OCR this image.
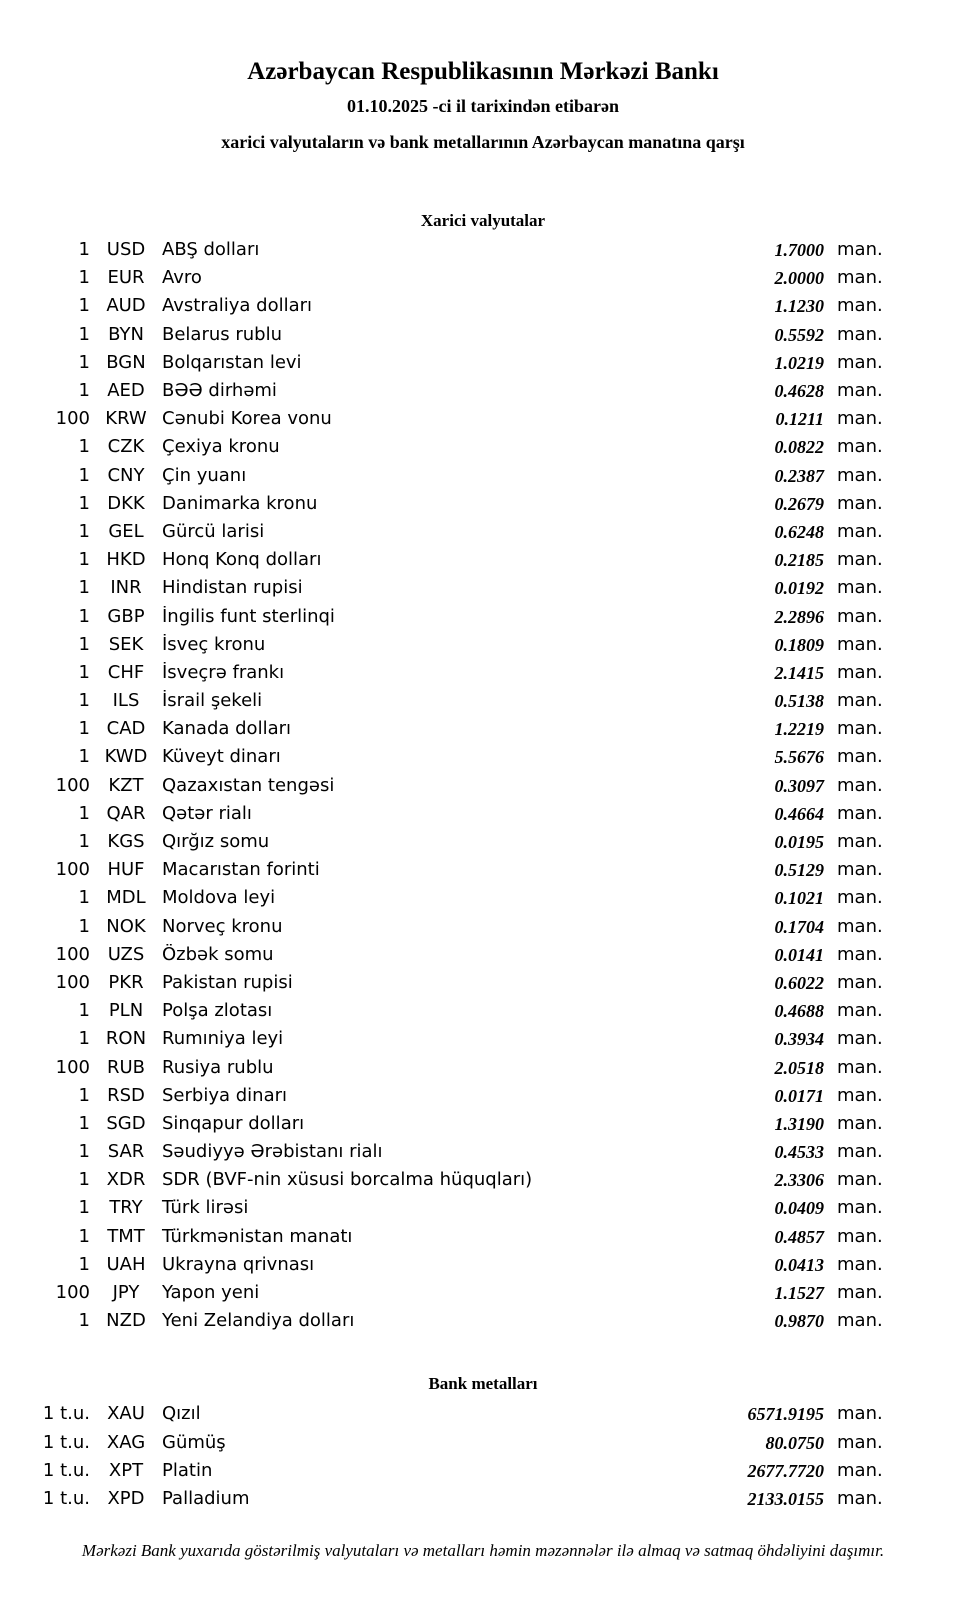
Azərbaycan Respublikasının Mərkəzi Bankı
01.10.2025 -ci il tarixindən etibarən
xarici valyutaların və bank metallarının Azərbaycan manatına qarşı
Xarici valyutalar
1 USD ABŞ dolları	1.7000 man.
1 EUR Avro	2.0000 man.
1 AUD Avstraliya dolları	1.1230 man.
1	BYN	Belarus rublu	0.5592 man.
1 BGN Bolqarıstan levi	1.0219 man.
1 AED BƏƏ dirhəmi	0.4628 man.
100 KRW Cənubi Korea vonu	0.1211 man.
1 CZK Çexiya kronu	0.0822 man.
1 CNY Çin yuanı	0.2387 man.
1 DKK Danimarka kronu	0.2679 man.
1	GEL	Gürcü larisi	0.6248 man.
1 HKD Honq Konq dolları	0.2185 man.
1	INR	Hindistan rupisi	0.0192 man.
1 GBP İngilis funt sterlinqi	2.2896 man.
1	SEK	İsveç kronu	0.1809 man.
1 CHF İsveçrə frankı	2.1415 man.
1	ILS	İsrail şekeli	0.5138 man.
1 CAD Kanada dolları	1.2219 man.
1 KWD Küveyt dinarı	5.5676 man.
100	KZT	Qazaxıstan tengəsi	0.3097 man.
1 QAR Qətər rialı	0.4664 man.
1 KGS Qırğız somu	0.0195 man.
100 HUF Macarıstan forinti	0.5129 man.
1 MDL Moldova leyi	0.1021 man.
1 NOK Norveç kronu	0.1704 man.
100 UZS Özbək somu	0.0141 man.
100	PKR	Pakistan rupisi	0.6022 man.
1	PLN	Polşa zlotası	0.4688 man.
1 RON Rumıniya leyi	0.3934 man.
100 RUB Rusiya rublu	2.0518 man.
1 RSD Serbiya dinarı	0.0171 man.
1 SGD Sinqapur dolları	1.3190 man.
1 SAR Səudiyyə Ərəbistanı rialı	0.4533 man.
1 XDR SDR (BVF-nin xüsusi borcalma hüquqları)	2.3306 man.
1	TRY	Türk lirəsi	0.0409 man.
1 TMT Türkmənistan manatı	0.4857 man.
1 UAH Ukrayna qrivnası	0.0413 man.
100	JPY	Yapon yeni	1.1527 man.
1 NZD Yeni Zelandiya dolları	0.9870 man.
Bank metalları
1 t.u. XAU Qızıl	6571.9195 man.
1 t.u. XAG Gümüş	80.0750 man.
1 t.u.	XPT	Platin	2677.7720 man.
1 t.u. XPD Palladium	2133.0155 man.
Mərkəzi Bank yuxarıda göstərilmiş valyutaları və metalları həmin məzənnələr ilə almaq və satmaq öhdəliyini daşımır.
